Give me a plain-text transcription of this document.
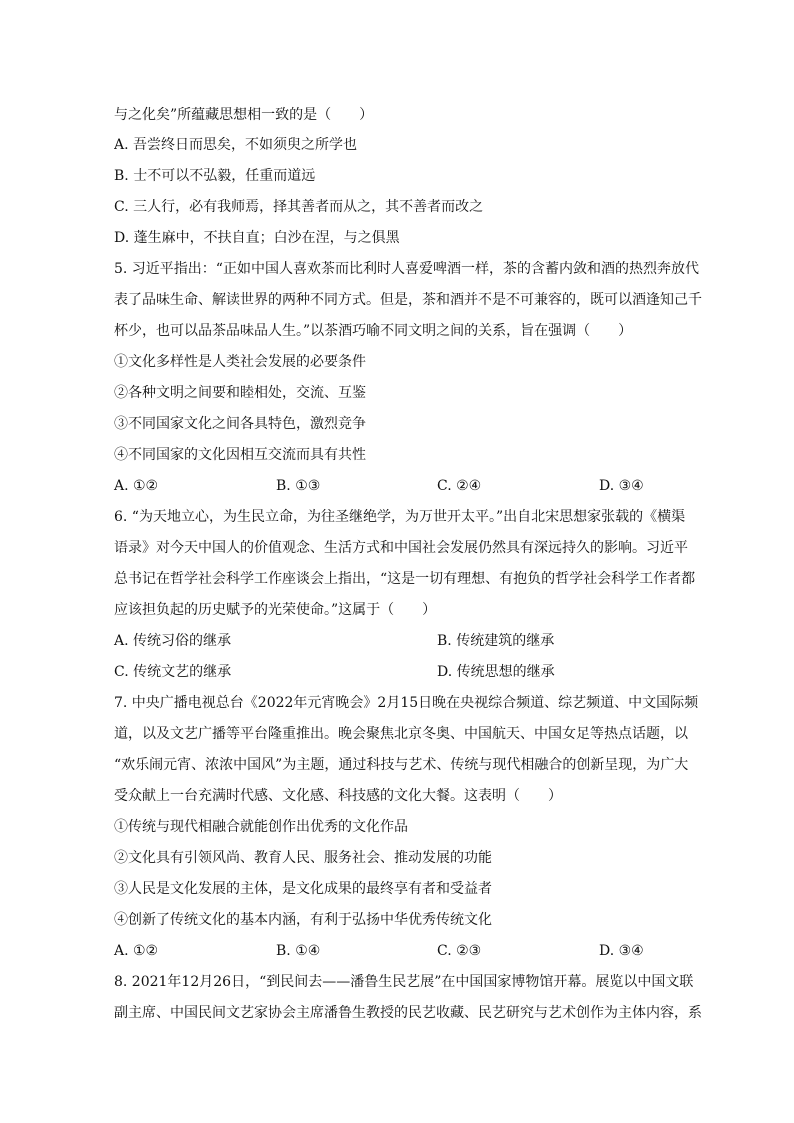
与之化矣”所蕴藏思想相一致的是（　　）
A. 吾尝终日而思矣，不如须臾之所学也
B. 士不可以不弘毅，任重而道远
C. 三人行，必有我师焉，择其善者而从之，其不善者而改之
D. 蓬生麻中，不扶自直；白沙在涅，与之俱黑
5. 习近平指出：“正如中国人喜欢茶而比利时人喜爱啤酒一样，茶的含蓄内敛和酒的热烈奔放代
表了品味生命、解读世界的两种不同方式。但是，茶和酒并不是不可兼容的，既可以酒逢知己千
杯少，也可以品茶品味品人生。”以茶酒巧喻不同文明之间的关系，旨在强调（　　）
①文化多样性是人类社会发展的必要条件
②各种文明之间要和睦相处，交流、互鉴
③不同国家文化之间各具特色，激烈竞争
④不同国家的文化因相互交流而具有共性
A. ①②	B. ①③	C. ②④	D. ③④
6. “为天地立心，为生民立命，为往圣继绝学，为万世开太平。”出自北宋思想家张载的《横渠
语录》对今天中国人的价值观念、生活方式和中国社会发展仍然具有深远持久的影响。习近平
总书记在哲学社会科学工作座谈会上指出，“这是一切有理想、有抱负的哲学社会科学工作者都
应该担负起的历史赋予的光荣使命。”这属于（　　）
A. 传统习俗的继承	B. 传统建筑的继承
C. 传统文艺的继承	D. 传统思想的继承
7. 中央广播电视总台《2022年元宵晚会》2月15日晚在央视综合频道、综艺频道、中文国际频
道，以及文艺广播等平台隆重推出。晚会聚焦北京冬奥、中国航天、中国女足等热点话题，以
“欢乐闹元宵、浓浓中国风”为主题，通过科技与艺术、传统与现代相融合的创新呈现，为广大
受众献上一台充满时代感、文化感、科技感的文化大餐。这表明（　　）
①传统与现代相融合就能创作出优秀的文化作品
②文化具有引领风尚、教育人民、服务社会、推动发展的功能
③人民是文化发展的主体，是文化成果的最终享有者和受益者
④创新了传统文化的基本内涵，有利于弘扬中华优秀传统文化
A. ①②	B. ①④	C. ②③	D. ③④
8. 2021年12月26日，“到民间去——潘鲁生民艺展”在中国国家博物馆开幕。展览以中国文联
副主席、中国民间文艺家协会主席潘鲁生教授的民艺收藏、民艺研究与艺术创作为主体内容，系
